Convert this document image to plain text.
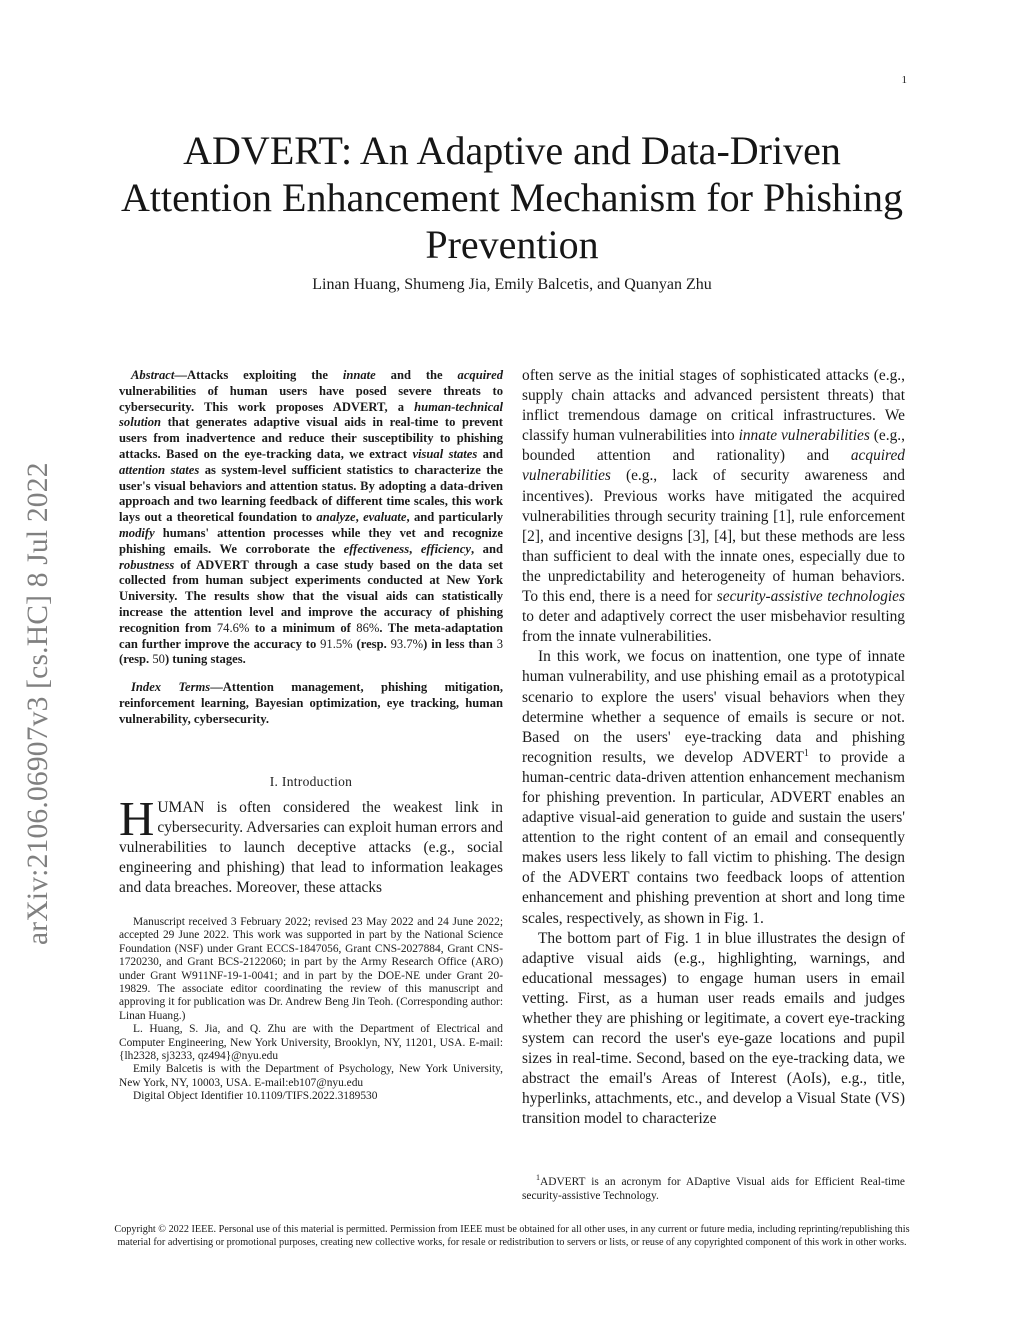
1
arXiv:2106.06907v3 [cs.HC] 8 Jul 2022
ADVERT: An Adaptive and Data-Driven Attention Enhancement Mechanism for Phishing Prevention
Linan Huang, Shumeng Jia, Emily Balcetis, and Quanyan Zhu

Abstract—Attacks exploiting the innate and the acquired vulnerabilities of human users have posed severe threats to cybersecurity. This work proposes ADVERT, a human-technical solution that generates adaptive visual aids in real-time to prevent users from inadvertence and reduce their susceptibility to phishing attacks. Based on the eye-tracking data, we extract visual states and attention states as system-level sufficient statistics to characterize the user's visual behaviors and attention status. By adopting a data-driven approach and two learning feedback of different time scales, this work lays out a theoretical foundation to analyze, evaluate, and particularly modify humans' attention processes while they vet and recognize phishing emails. We corroborate the effectiveness, efficiency, and robustness of ADVERT through a case study based on the data set collected from human subject experiments conducted at New York University. The results show that the visual aids can statistically increase the attention level and improve the accuracy of phishing recognition from 74.6% to a minimum of 86%. The meta-adaptation can further improve the accuracy to 91.5% (resp. 93.7%) in less than 3 (resp. 50) tuning stages.

Index Terms—Attention management, phishing mitigation, reinforcement learning, Bayesian optimization, eye tracking, human vulnerability, cybersecurity.

I. Introduction

HUMAN is often considered the weakest link in cybersecurity. Adversaries can exploit human errors and vulnerabilities to launch deceptive attacks (e.g., social engineering and phishing) that lead to information leakages and data breaches. Moreover, these attacks

Manuscript received 3 February 2022; revised 23 May 2022 and 24 June 2022; accepted 29 June 2022. This work was supported in part by the National Science Foundation (NSF) under Grant ECCS-1847056, Grant CNS-2027884, Grant CNS-1720230, and Grant BCS-2122060; in part by the Army Research Office (ARO) under Grant W911NF-19-1-0041; and in part by the DOE-NE under Grant 20-19829. The associate editor coordinating the review of this manuscript and approving it for publication was Dr. Andrew Beng Jin Teoh. (Corresponding author: Linan Huang.)

L. Huang, S. Jia, and Q. Zhu are with the Department of Electrical and Computer Engineering, New York University, Brooklyn, NY, 11201, USA. E-mail:{lh2328, sj3233, qz494}@nyu.edu

Emily Balcetis is with the Department of Psychology, New York University, New York, NY, 10003, USA. E-mail:eb107@nyu.edu

Digital Object Identifier 10.1109/TIFS.2022.3189530

often serve as the initial stages of sophisticated attacks (e.g., supply chain attacks and advanced persistent threats) that inflict tremendous damage on critical infrastructures. We classify human vulnerabilities into innate vulnerabilities (e.g., bounded attention and rationality) and acquired vulnerabilities (e.g., lack of security awareness and incentives). Previous works have mitigated the acquired vulnerabilities through security training [1], rule enforcement [2], and incentive designs [3], [4], but these methods are less than sufficient to deal with the innate ones, especially due to the unpredictability and heterogeneity of human behaviors. To this end, there is a need for security-assistive technologies to deter and adaptively correct the user misbehavior resulting from the innate vulnerabilities.

In this work, we focus on inattention, one type of innate human vulnerability, and use phishing email as a prototypical scenario to explore the users' visual behaviors when they determine whether a sequence of emails is secure or not. Based on the users' eye-tracking data and phishing recognition results, we develop ADVERT$^1$ to provide a human-centric data-driven attention enhancement mechanism for phishing prevention. In particular, ADVERT enables an adaptive visual-aid generation to guide and sustain the users' attention to the right content of an email and consequently makes users less likely to fall victim to phishing. The design of the ADVERT contains two feedback loops of attention enhancement and phishing prevention at short and long time scales, respectively, as shown in Fig. 1.

The bottom part of Fig. 1 in blue illustrates the design of adaptive visual aids (e.g., highlighting, warnings, and educational messages) to engage human users in email vetting. First, as a human user reads emails and judges whether they are phishing or legitimate, a covert eye-tracking system can record the user's eye-gaze locations and pupil sizes in real-time. Second, based on the eye-tracking data, we abstract the email's Areas of Interest (AoIs), e.g., title, hyperlinks, attachments, etc., and develop a Visual State (VS) transition model to characterize

$^1$ADVERT is an acronym for ADaptive Visual aids for Efficient Real-time security-assistive Technology.

Copyright © 2022 IEEE. Personal use of this material is permitted. Permission from IEEE must be obtained for all other uses, in any current or future media, including reprinting/republishing this material for advertising or promotional purposes, creating new collective works, for resale or redistribution to servers or lists, or reuse of any copyrighted component of this work in other works.
